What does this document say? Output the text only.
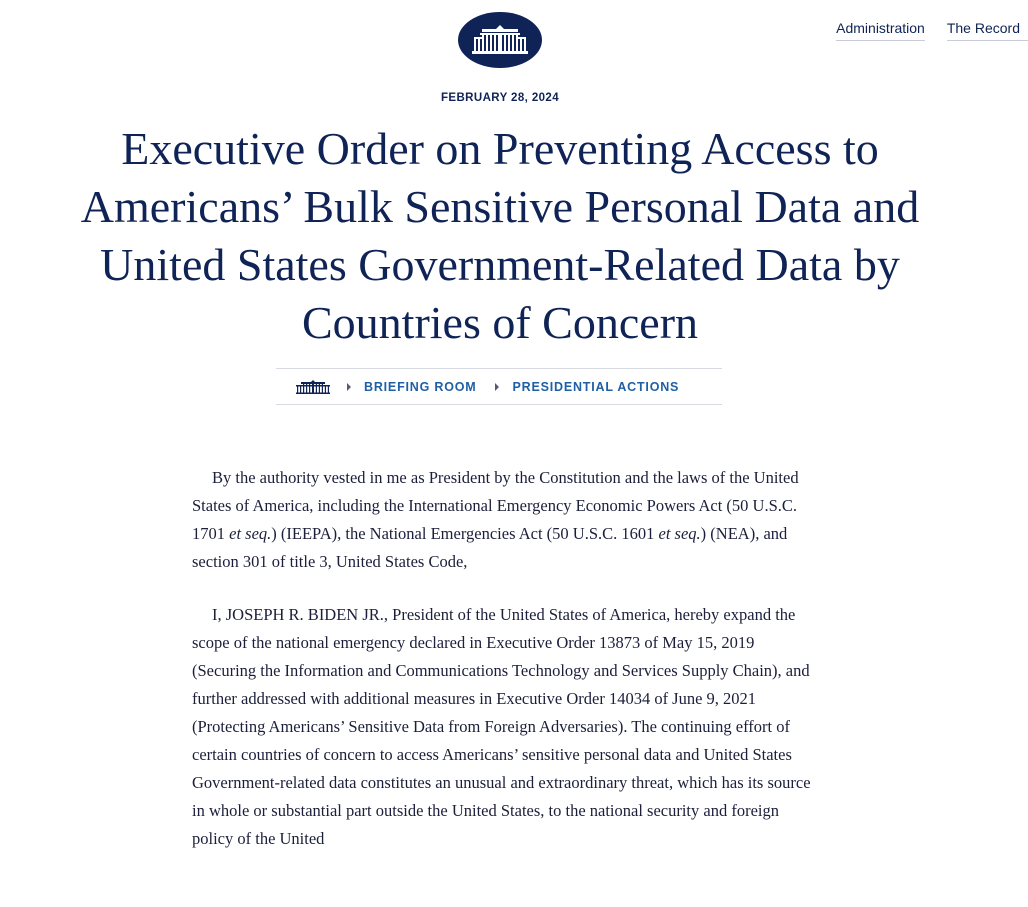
Administration The Record
FEBRUARY 28, 2024
Executive Order on Preventing Access to Americans’ Bulk Sensitive Personal Data and United States Government-Related Data by Countries of Concern
BRIEFING ROOM	PRESIDENTIAL ACTIONS

By the authority vested in me as President by the Constitution and the laws of the United States of America, including the International Emergency Economic Powers Act (50 U.S.C. 1701 et seq.) (IEEPA), the National Emergencies Act (50 U.S.C. 1601 et seq.) (NEA), and section 301 of title 3, United States Code,

I, JOSEPH R. BIDEN JR., President of the United States of America, hereby expand the scope of the national emergency declared in Executive Order 13873 of May 15, 2019 (Securing the Information and Communications Technology and Services Supply Chain), and further addressed with additional measures in Executive Order 14034 of June 9, 2021 (Protecting Americans’ Sensitive Data from Foreign Adversaries). The continuing effort of certain countries of concern to access Americans’ sensitive personal data and United States Government-related data constitutes an unusual and extraordinary threat, which has its source in whole or substantial part outside the United States, to the national security and foreign policy of the United
